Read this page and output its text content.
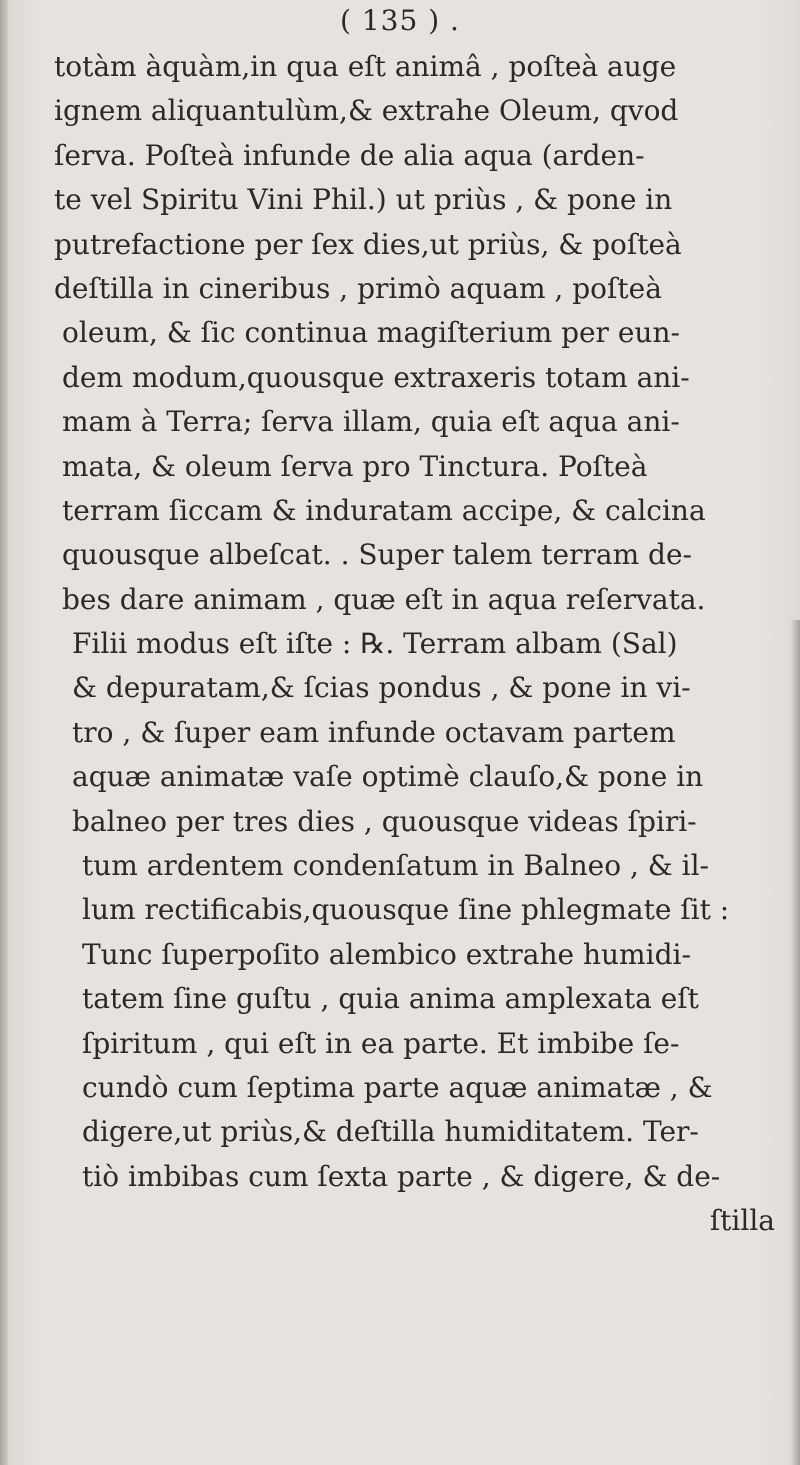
( 135 ) .
totàm àquàm,in qua eſt animâ , poſteà auge
ignem aliquantulùm,& extrahe Oleum, qvod
ſerva. Poſteà infunde de alia aqua (arden-
te vel Spiritu Vini Phil.) ut priùs , & pone in
putrefactione per ſex dies,ut priùs, & poſteà
deſtilla in cineribus , primò aquam , poſteà
oleum, & ſic continua magiſterium per eun-
dem modum,quousque extraxeris totam ani-
mam à Terra; ſerva illam, quia eſt aqua ani-
mata, & oleum ſerva pro Tinctura. Poſteà
terram ſiccam & induratam accipe, & calcina
quousque albeſcat. . Super talem terram de-
bes dare animam , quæ eſt in aqua reſervata.
Filii modus eſt iſte : ℞. Terram albam (Sal)
& depuratam,& ſcias pondus , & pone in vi-
tro , & ſuper eam infunde octavam partem
aquæ animatæ vaſe optimè clauſo,& pone in
balneo per tres dies , quousque videas ſpiri-
tum ardentem condenſatum in Balneo , & il-
lum rectificabis,quousque ſine phlegmate ſit :
Tunc ſuperpoſito alembico extrahe humidi-
tatem ſine guſtu , quia anima amplexata eſt
ſpiritum , qui eſt in ea parte. Et imbibe ſe-
cundò cum ſeptima parte aquæ animatæ , &
digere,ut priùs,& deſtilla humiditatem. Ter-
tiò imbibas cum ſexta parte , & digere, & de-
ſtilla
